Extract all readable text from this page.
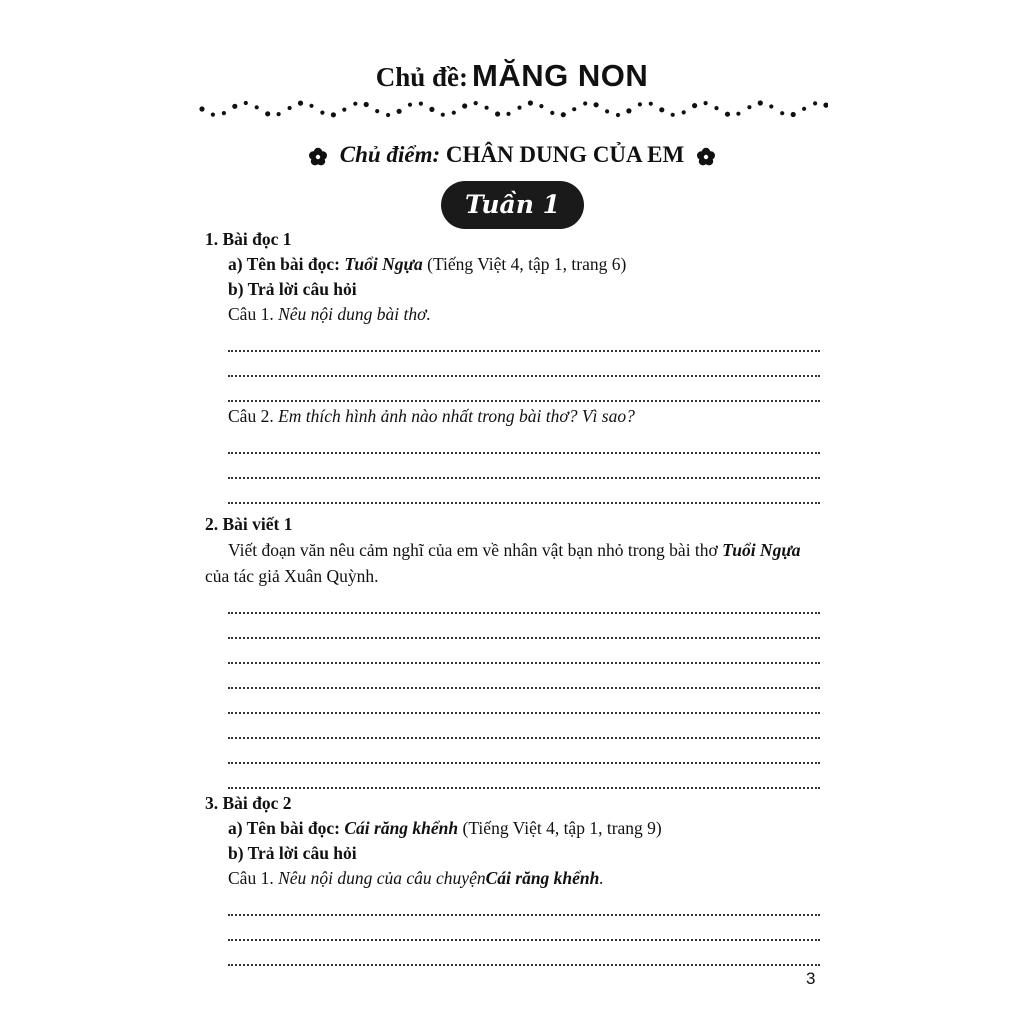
Chủ đề: MĂNG NON
Chủ điểm: CHÂN DUNG CỦA EM
Tuần 1
1. Bài đọc 1
a) Tên bài đọc: Tuổi Ngựa (Tiếng Việt 4, tập 1, trang 6)
b) Trả lời câu hỏi
Câu 1. Nêu nội dung bài thơ.
Câu 2. Em thích hình ảnh nào nhất trong bài thơ? Vì sao?
2. Bài viết 1
Viết đoạn văn nêu cảm nghĩ của em về nhân vật bạn nhỏ trong bài thơ Tuổi Ngựa của tác giả Xuân Quỳnh.
3. Bài đọc 2
a) Tên bài đọc: Cái răng khểnh (Tiếng Việt 4, tập 1, trang 9)
b) Trả lời câu hỏi
Câu 1. Nêu nội dung của câu chuyệnCái răng khểnh.
3
